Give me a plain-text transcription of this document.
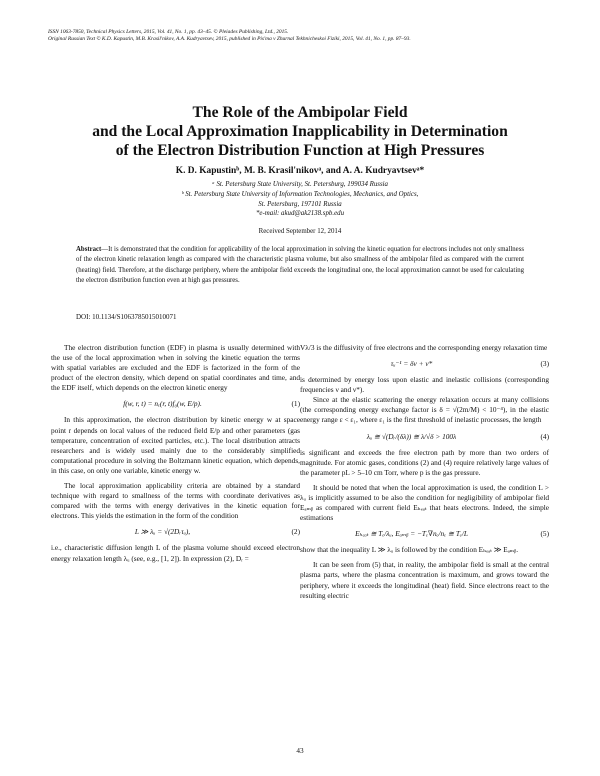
ISSN 1063-7850, Technical Physics Letters, 2015, Vol. 41, No. 1, pp. 43–45. © Pleiades Publishing, Ltd., 2015.
Original Russian Text © K.D. Kapustin, M.B. Krasil'nikov, A.A. Kudryavtsev, 2015, published in Pis'ma v Zhurnal Tekhnicheskoi Fiziki, 2015, Vol. 41, No. 1, pp. 87–93.
The Role of the Ambipolar Field
and the Local Approximation Inapplicability in Determination
of the Electron Distribution Function at High Pressures
K. D. Kapustinᵇ, M. B. Krasil'nikovᵃ, and A. A. Kudryavtsevᵃ*
ᵃ St. Petersburg State University, St. Petersburg, 199034 Russia
ᵇ St. Petersburg State University of Information Technologies, Mechanics, and Optics,
St. Petersburg, 197101 Russia
*e-mail: akud@ak2138.spb.edu
Received September 12, 2014
Abstract—It is demonstrated that the condition for applicability of the local approximation in solving the kinetic equation for electrons includes not only smallness of the electron kinetic relaxation length as compared with the characteristic plasma volume, but also smallness of the ambipolar filed as compared with the current (heating) field. Therefore, at the discharge periphery, where the ambipolar field exceeds the longitudinal one, the local approximation cannot be used for calculating the electron distribution function even at high gas pressures.
DOI: 10.1134/S1063785015010071

The electron distribution function (EDF) in plasma is usually determined with the use of the local approximation when in solving the kinetic equation the terms with spatial variables are excluded and the EDF is factorized in the form of the product of the electron density, which depend on spatial coordinates and time, and the EDF itself, which depends on the electron kinetic energy

f(w, r, t) = nₑ(r, t)f₀(w, E/p).	(1)

In this approximation, the electron distribution by kinetic energy w at space point r depends on local values of the reduced field E/p and other parameters (gas temperature, concentration of excited particles, etc.). The local distribution attracts researchers and is widely used mainly due to the considerably simplified computational procedure in solving the Boltzmann kinetic equation, which depends, in this case, on only one variable, kinetic energy w.

The local approximation applicability criteria are obtained by a standard technique with regard to smallness of the terms with coordinate derivatives as compared with the terms with energy derivatives in the kinetic equation for electrons. This yields the estimation in the form of the condition

L ≫ λᵤ = √(2Dᵣτᵤ),	(2)

i.e., characteristic diffusion length L of the plasma volume should exceed electron energy relaxation length λᵤ (see, e.g., [1, 2]). In expression (2), Dᵣ =

Vλ/3 is the diffusivity of free electrons and the corresponding energy relaxation time

τᵤ⁻¹ = δν + ν*	(3)

is determined by energy loss upon elastic and inelastic collisions (corresponding frequencies ν and ν*).

Since at the elastic scattering the energy relaxation occurs at many collisions (the corresponding energy exchange factor is δ = √(2m/M) < 10⁻⁴), in the elastic energy range ε < ε₁, where ε₁ is the first threshold of inelastic processes, the length

λᵤ ≅ √(Dᵣ/(δλ)) ≅ λ/√δ > 100λ	(4)

is significant and exceeds the free electron path by more than two orders of magnitude. For atomic gases, conditions (2) and (4) require relatively large values of the parameter pL > 5–10 cm Torr, where p is the gas pressure.

It should be noted that when the local approximation is used, the condition L > λᵤ is implicitly assumed to be also the condition for negligibility of ambipolar field Eₐₘᵦ as compared with current field Eₕₑₐₜ that heats electrons. Indeed, the simple estimations

Eₕₑₐₜ ≅ Tₑ/λᵤ, Eₐₘᵦ = −Tₑ∇nₑ/nₑ ≅ Tₑ/L	(5)

show that the inequality L ≫ λᵤ is followed by the condition Eₕₑₐₜ ≫ Eₐₘᵦ.

It can be seen from (5) that, in reality, the ambipolar field is small at the central plasma parts, where the plasma concentration is maximum, and grows toward the periphery, where it exceeds the longitudinal (heat) field. Since electrons react to the resulting electric

43
